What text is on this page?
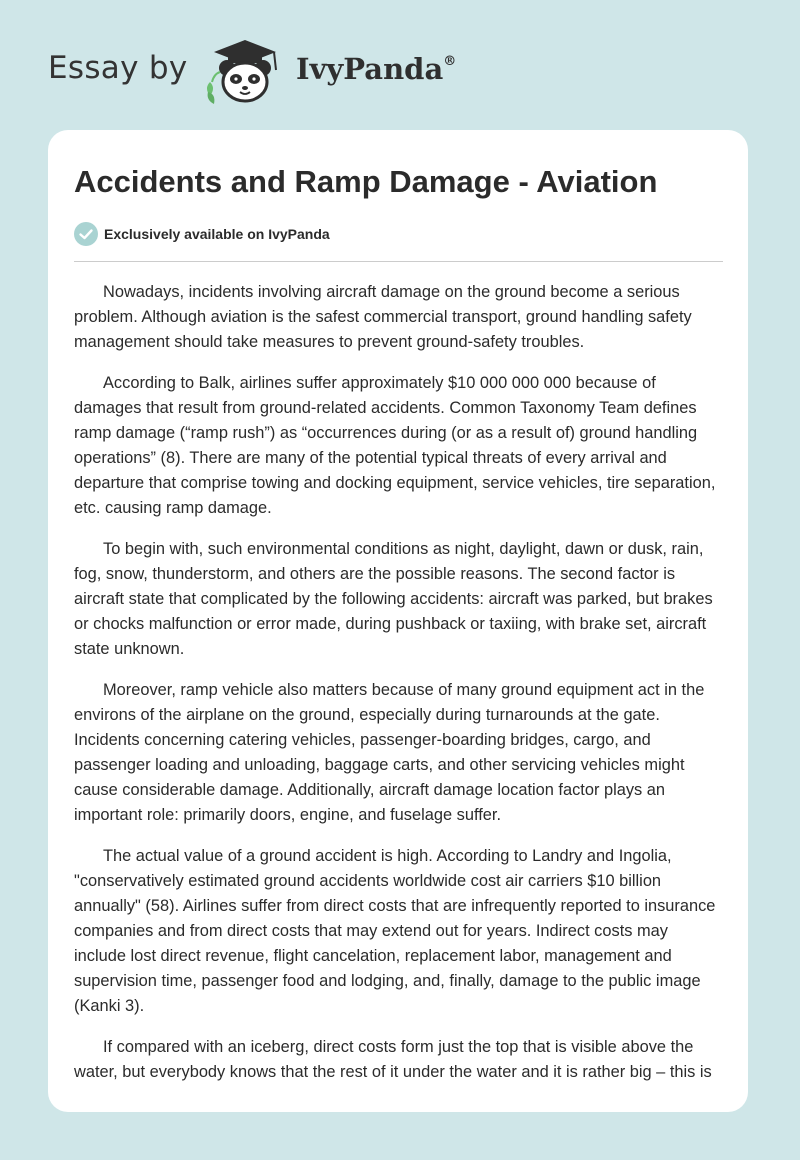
Essay by	IvyPanda®
Accidents and Ramp Damage - Aviation
Exclusively available on IvyPanda

Nowadays, incidents involving aircraft damage on the ground become a serious problem. Although aviation is the safest commercial transport, ground handling safety management should take measures to prevent ground-safety troubles.

According to Balk, airlines suffer approximately $10 000 000 000 because of damages that result from ground-related accidents. Common Taxonomy Team defines ramp damage (“ramp rush”) as “occurrences during (or as a result of) ground handling operations” (8). There are many of the potential typical threats of every arrival and departure that comprise towing and docking equipment, service vehicles, tire separation, etc. causing ramp damage.

To begin with, such environmental conditions as night, daylight, dawn or dusk, rain, fog, snow, thunderstorm, and others are the possible reasons. The second factor is aircraft state that complicated by the following accidents: aircraft was parked, but brakes or chocks malfunction or error made, during pushback or taxiing, with brake set, aircraft state unknown.

Moreover, ramp vehicle also matters because of many ground equipment act in the environs of the airplane on the ground, especially during turnarounds at the gate. Incidents concerning catering vehicles, passenger-boarding bridges, cargo, and passenger loading and unloading, baggage carts, and other servicing vehicles might cause considerable damage. Additionally, aircraft damage location factor plays an important role: primarily doors, engine, and fuselage suffer.

The actual value of a ground accident is high. According to Landry and Ingolia, "conservatively estimated ground accidents worldwide cost air carriers $10 billion annually" (58). Airlines suffer from direct costs that are infrequently reported to insurance companies and from direct costs that may extend out for years. Indirect costs may include lost direct revenue, flight cancelation, replacement labor, management and supervision time, passenger food and lodging, and, finally, damage to the public image (Kanki 3).

If compared with an iceberg, direct costs form just the top that is visible above the water, but everybody knows that the rest of it under the water and it is rather big – this is
